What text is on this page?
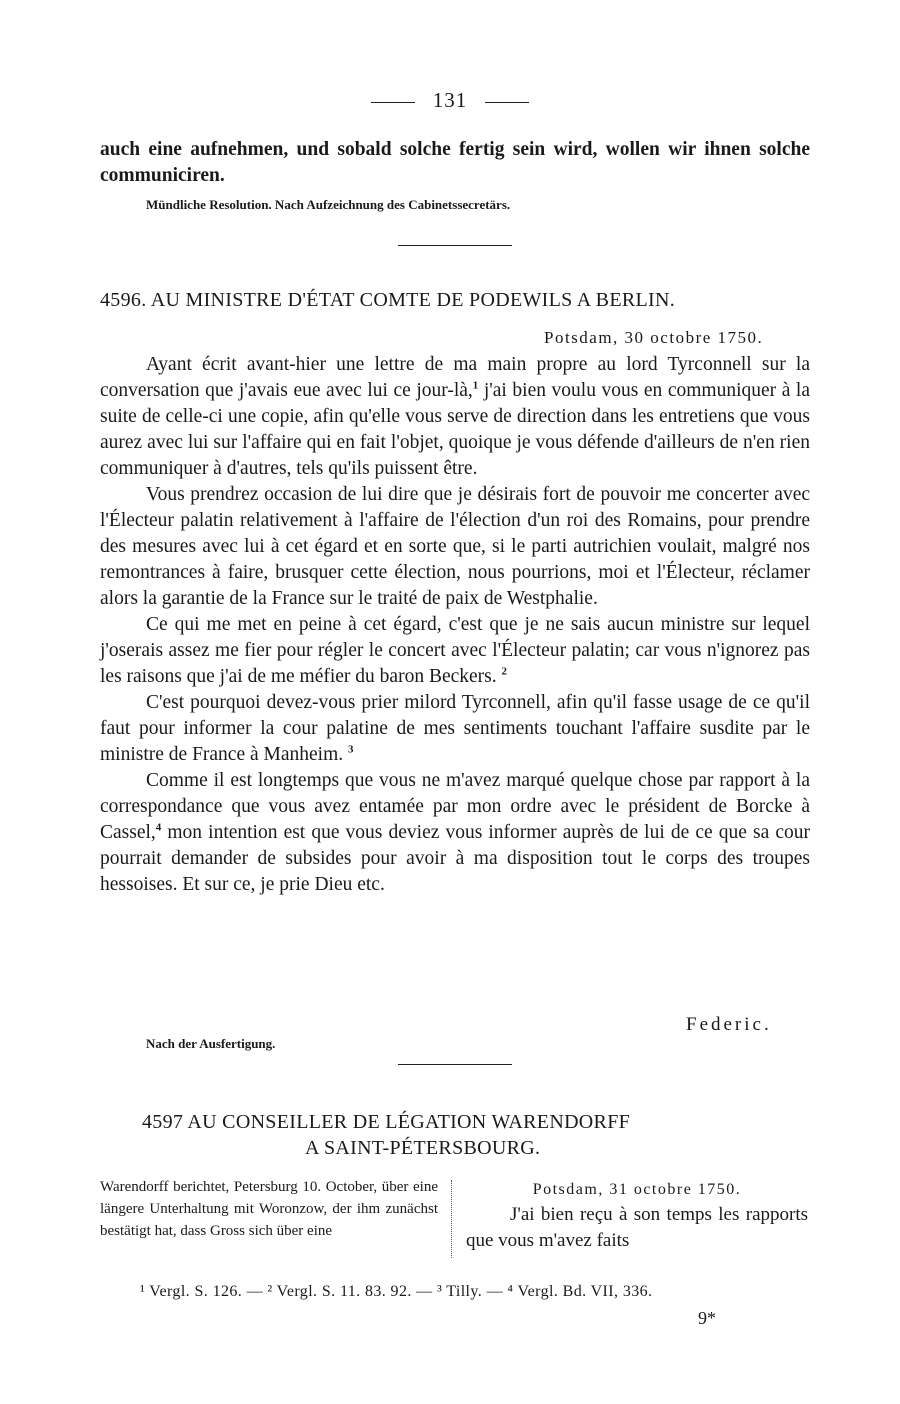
131

auch eine aufnehmen, und sobald solche fertig sein wird, wollen wir ihnen solche communiciren.

Mündliche Resolution. Nach Aufzeichnung des Cabinetssecretärs.
4596. AU MINISTRE D'ÉTAT COMTE DE PODEWILS A BERLIN.
Potsdam, 30 octobre 1750.

Ayant écrit avant-hier une lettre de ma main propre au lord Tyrconnell sur la conversation que j'avais eue avec lui ce jour-là,$^1$ j'ai bien voulu vous en communiquer à la suite de celle-ci une copie, afin qu'elle vous serve de direction dans les entretiens que vous aurez avec lui sur l'affaire qui en fait l'objet, quoique je vous défende d'ailleurs de n'en rien communiquer à d'autres, tels qu'ils puissent être.

Vous prendrez occasion de lui dire que je désirais fort de pouvoir me concerter avec l'Électeur palatin relativement à l'affaire de l'élection d'un roi des Romains, pour prendre des mesures avec lui à cet égard et en sorte que, si le parti autrichien voulait, malgré nos remontrances à faire, brusquer cette élection, nous pourrions, moi et l'Électeur, réclamer alors la garantie de la France sur le traité de paix de Westphalie.

Ce qui me met en peine à cet égard, c'est que je ne sais aucun ministre sur lequel j'oserais assez me fier pour régler le concert avec l'Électeur palatin; car vous n'ignorez pas les raisons que j'ai de me méfier du baron Beckers. $^2$

C'est pourquoi devez-vous prier milord Tyrconnell, afin qu'il fasse usage de ce qu'il faut pour informer la cour palatine de mes sentiments touchant l'affaire susdite par le ministre de France à Manheim. $^3$

Comme il est longtemps que vous ne m'avez marqué quelque chose par rapport à la correspondance que vous avez entamée par mon ordre avec le président de Borcke à Cassel,$^4$ mon intention est que vous deviez vous informer auprès de lui de ce que sa cour pourrait demander de subsides pour avoir à ma disposition tout le corps des troupes hessoises. Et sur ce, je prie Dieu etc.

Federic.
Nach der Ausfertigung.
4597 AU CONSEILLER DE LÉGATION WARENDORFF
A SAINT-PÉTERSBOURG.
Warendorff berichtet, Petersburg 10. October, über eine längere Unterhaltung mit Woronzow, der ihm zunächst bestätigt hat, dass Gross sich über eine
Potsdam, 31 octobre 1750.
J'ai bien reçu à son temps les rapports que vous m'avez faits
¹ Vergl. S. 126. — ² Vergl. S. 11. 83. 92. — ³ Tilly. — ⁴ Vergl. Bd. VII, 336.
9*
